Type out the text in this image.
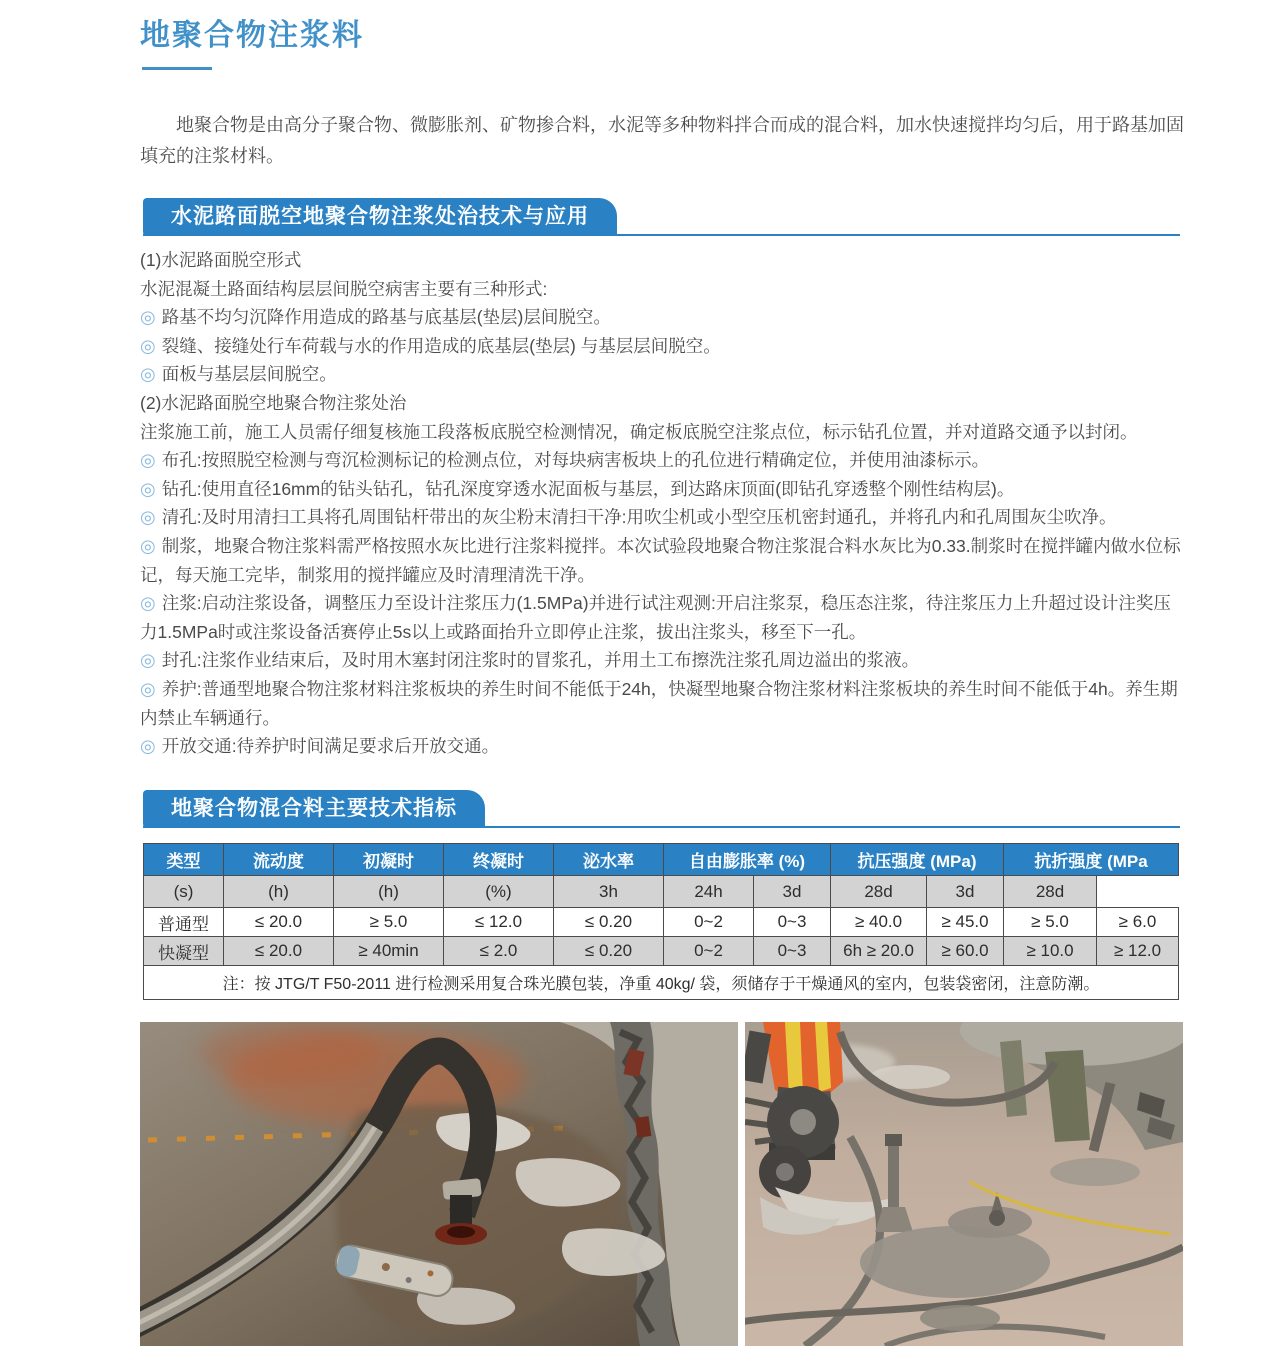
地聚合物注浆料
地聚合物是由高分子聚合物、微膨胀剂、矿物掺合料，水泥等多种物料拌合而成的混合料，加水快速搅拌均匀后，用于路基加固填充的注浆材料。
水泥路面脱空地聚合物注浆处治技术与应用
(1)水泥路面脱空形式
水泥混凝土路面结构层层间脱空病害主要有三种形式:
◎ 路基不均匀沉降作用造成的路基与底基层(垫层)层间脱空。
◎ 裂缝、接缝处行车荷载与水的作用造成的底基层(垫层) 与基层层间脱空。
◎ 面板与基层层间脱空。
(2)水泥路面脱空地聚合物注浆处治
注浆施工前，施工人员需仔细复核施工段落板底脱空检测情况，确定板底脱空注浆点位，标示钻孔位置，并对道路交通予以封闭。
◎ 布孔:按照脱空检测与弯沉检测标记的检测点位，对每块病害板块上的孔位进行精确定位，并使用油漆标示。
◎ 钻孔:使用直径16mm的钻头钻孔，钻孔深度穿透水泥面板与基层，到达路床顶面(即钻孔穿透整个刚性结构层)。
◎ 清孔:及时用清扫工具将孔周围钻杆带出的灰尘粉末清扫干净:用吹尘机或小型空压机密封通孔，并将孔内和孔周围灰尘吹净。
◎ 制浆，地聚合物注浆料需严格按照水灰比进行注浆料搅拌。本次试验段地聚合物注浆混合料水灰比为0.33.制浆时在搅拌罐内做水位标记，每天施工完毕，制浆用的搅拌罐应及时清理清洗干净。
◎ 注浆:启动注浆设备，调整压力至设计注浆压力(1.5MPa)并进行试注观测:开启注浆泵，稳压态注浆，待注浆压力上升超过设计注奖压力1.5MPa时或注浆设备活赛停止5s以上或路面抬升立即停止注浆，拔出注浆头，移至下一孔。
◎ 封孔:注浆作业结束后，及时用木塞封闭注浆时的冒浆孔，并用土工布擦洗注浆孔周边溢出的浆液。
◎ 养护:普通型地聚合物注浆材料注浆板块的养生时间不能低于24h，快凝型地聚合物注浆材料注浆板块的养生时间不能低于4h。养生期内禁止车辆通行。
◎ 开放交通:待养护时间满足要求后开放交通。
地聚合物混合料主要技术指标
类型	流动度	初凝时	终凝时	泌水率	自由膨胀率 (%)		抗压强度 (MPa)		抗折强度 (MPa	
(s)	(h)	(h)	(%)	3h	24h	3d	28d	3d	28d	
普通型	≤ 20.0	≥ 5.0	≤ 12.0	≤ 0.20	0~2	0~3	≥ 40.0	≥ 45.0	≥ 5.0	≥ 6.0
快凝型	≤ 20.0	≥ 40min	≤ 2.0	≤ 0.20	0~2	0~3	6h ≥ 20.0	≥ 60.0	≥ 10.0	≥ 12.0
注：按 JTG/T F50-2011 进行检测采用复合珠光膜包装，净重 40kg/ 袋，须储存于干燥通风的室内，包装袋密闭，注意防潮。										
